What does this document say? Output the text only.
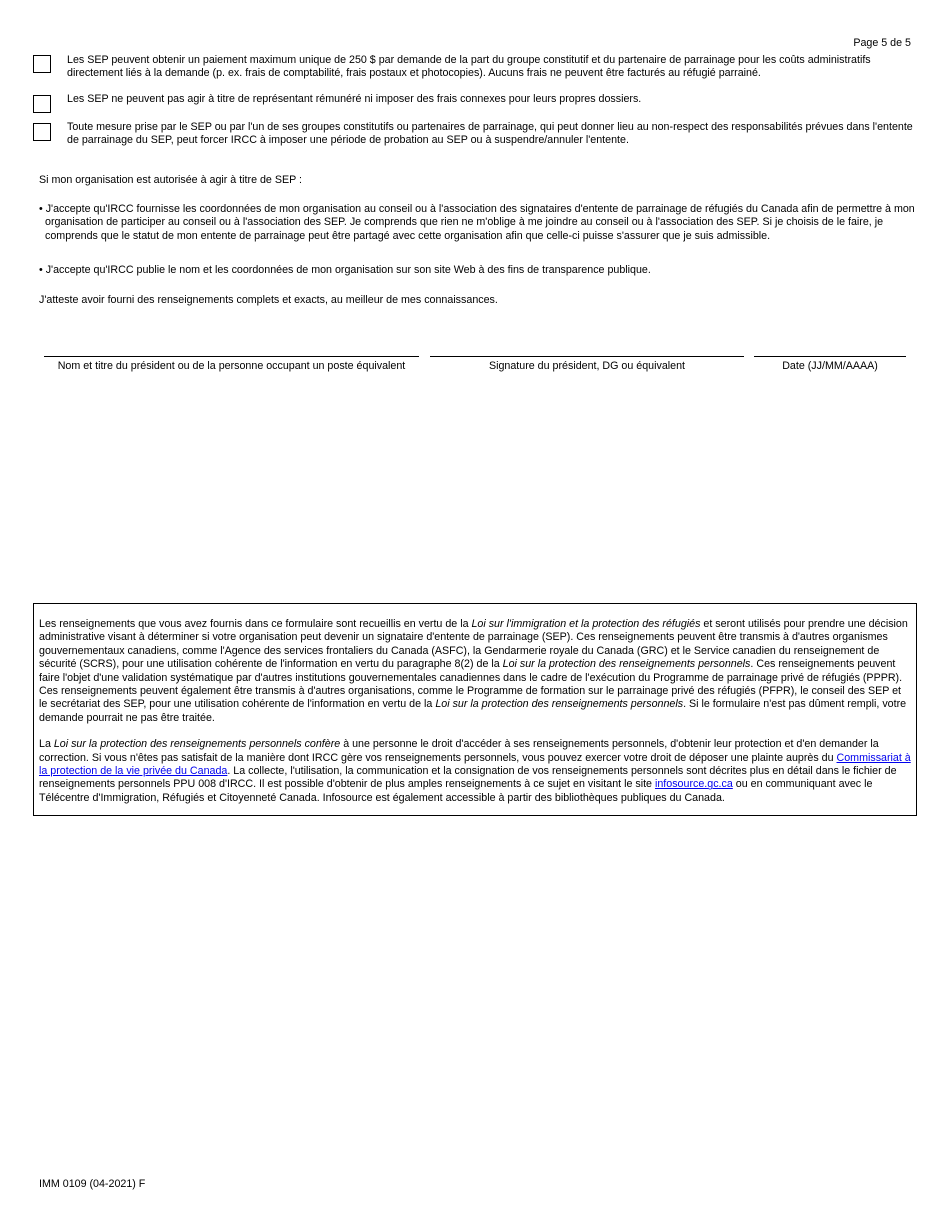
Page 5 de 5
Les SEP peuvent obtenir un paiement maximum unique de 250 $ par demande de la part du groupe constitutif et du partenaire de parrainage pour les coûts administratifs directement liés à la demande (p. ex. frais de comptabilité, frais postaux et photocopies). Aucuns frais ne peuvent être facturés au réfugié parrainé.
Les SEP ne peuvent pas agir à titre de représentant rémunéré ni imposer des frais connexes pour leurs propres dossiers.
Toute mesure prise par le SEP ou par l'un de ses groupes constitutifs ou partenaires de parrainage, qui peut donner lieu au non-respect des responsabilités prévues dans l'entente de parrainage du SEP, peut forcer IRCC à imposer une période de probation au SEP ou à suspendre/annuler l'entente.
Si mon organisation est autorisée à agir à titre de SEP :
• J'accepte qu'IRCC fournisse les coordonnées de mon organisation au conseil ou à l'association des signataires d'entente de parrainage de réfugiés du Canada afin de permettre à mon organisation de participer au conseil ou à l'association des SEP. Je comprends que rien ne m'oblige à me joindre au conseil ou à l'association des SEP. Si je choisis de le faire, je comprends que le statut de mon entente de parrainage peut être partagé avec cette organisation afin que celle-ci puisse s'assurer que je suis admissible.
• J'accepte qu'IRCC publie le nom et les coordonnées de mon organisation sur son site Web à des fins de transparence publique.
J'atteste avoir fourni des renseignements complets et exacts, au meilleur de mes connaissances.
Nom et titre du président ou de la personne occupant un poste équivalent	Signature du président, DG ou équivalent	Date (JJ/MM/AAAA)

Les renseignements que vous avez fournis dans ce formulaire sont recueillis en vertu de la Loi sur l'immigration et la protection des réfugiés et seront utilisés pour prendre une décision administrative visant à déterminer si votre organisation peut devenir un signataire d'entente de parrainage (SEP). Ces renseignements peuvent être transmis à d'autres organismes gouvernementaux canadiens, comme l'Agence des services frontaliers du Canada (ASFC), la Gendarmerie royale du Canada (GRC) et le Service canadien du renseignement de sécurité (SCRS), pour une utilisation cohérente de l'information en vertu du paragraphe 8(2) de la Loi sur la protection des renseignements personnels. Ces renseignements peuvent faire l'objet d'une validation systématique par d'autres institutions gouvernementales canadiennes dans le cadre de l'exécution du Programme de parrainage privé de réfugiés (PPPR). Ces renseignements peuvent également être transmis à d'autres organisations, comme le Programme de formation sur le parrainage privé des réfugiés (PFPR), le conseil des SEP et le secrétariat des SEP, pour une utilisation cohérente de l'information en vertu de la Loi sur la protection des renseignements personnels. Si le formulaire n'est pas dûment rempli, votre demande pourrait ne pas être traitée.

La Loi sur la protection des renseignements personnels confère à une personne le droit d'accéder à ses renseignements personnels, d'obtenir leur protection et d'en demander la correction. Si vous n'êtes pas satisfait de la manière dont IRCC gère vos renseignements personnels, vous pouvez exercer votre droit de déposer une plainte auprès du Commissariat à la protection de la vie privée du Canada. La collecte, l'utilisation, la communication et la consignation de vos renseignements personnels sont décrites plus en détail dans le fichier de renseignements personnels PPU 008 d'IRCC. Il est possible d'obtenir de plus amples renseignements à ce sujet en visitant le site infosource.gc.ca ou en communiquant avec le Télécentre d'Immigration, Réfugiés et Citoyenneté Canada. Infosource est également accessible à partir des bibliothèques publiques du Canada.

IMM 0109 (04-2021) F
